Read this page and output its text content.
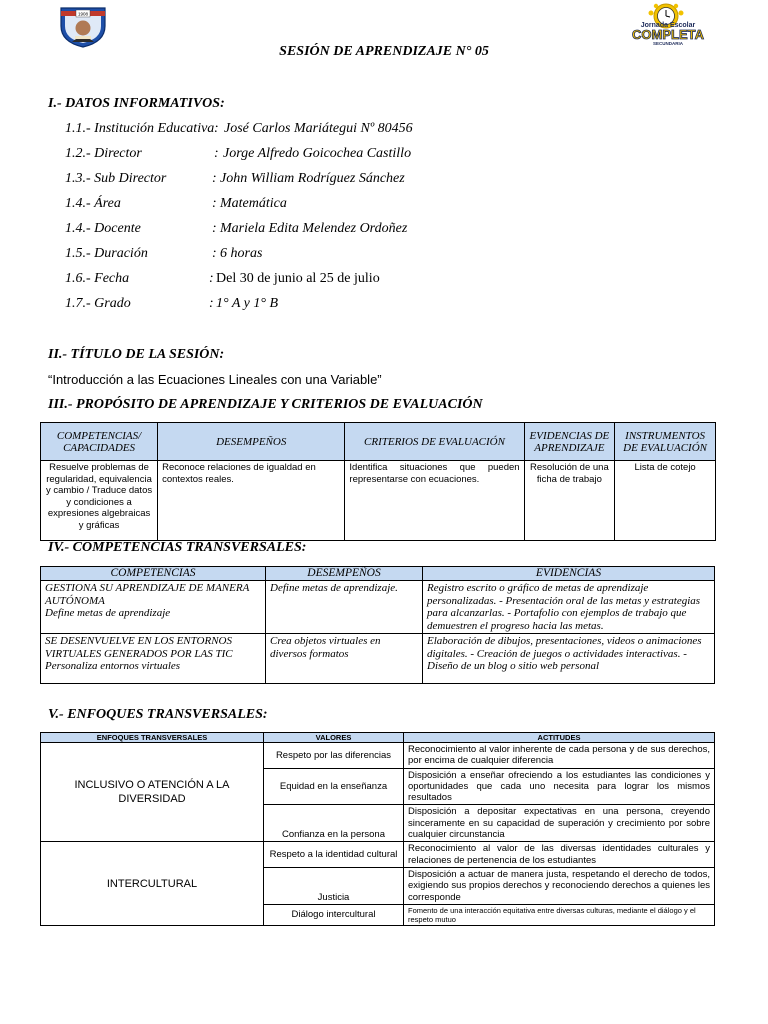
1908
Jornada Escolar
COMPLETA
SECUNDARIA
SESIÓN DE APRENDIZAJE N° 05
I.- DATOS INFORMATIVOS:
1.1.- Institución Educativa : José Carlos Mariátegui Nº 80456
1.2.- Director	: Jorge Alfredo Goicochea Castillo
1.3.- Sub Director	: John William Rodríguez Sánchez
1.4.- Área	: Matemática
1.4.- Docente	: Mariela Edita Melendez Ordoñez
1.5.- Duración	: 6 horas
1.6.- Fecha	: Del 30 de junio al 25 de julio
1.7.- Grado	: 1° A y 1° B
II.- TÍTULO DE LA SESIÓN:
“Introducción a las Ecuaciones Lineales con una Variable”
III.- PROPÓSITO DE APRENDIZAJE Y CRITERIOS DE EVALUACIÓN
COMPETENCIAS/ CAPACIDADES	DESEMPEÑOS	CRITERIOS DE EVALUACIÓN	EVIDENCIAS DE APRENDIZAJE	INSTRUMENTOS DE EVALUACIÓN
Resuelve problemas de regularidad, equivalencia y cambio / Traduce datos y condiciones a expresiones algebraicas y gráficas	Reconoce relaciones de igualdad en contextos reales.	Identifica situaciones que pueden representarse con ecuaciones.	Resolución de una ficha de trabajo	Lista de cotejo
IV.- COMPETENCIAS TRANSVERSALES:
COMPETENCIAS	DESEMPEÑOS	EVIDENCIAS

GESTIONA SU APRENDIZAJE DE MANERA AUTÓNOMA
Define metas de aprendizaje	Define metas de aprendizaje.	Registro escrito o gráfico de metas de aprendizaje personalizadas. - Presentación oral de las metas y estrategias para alcanzarlas. - Portafolio con ejemplos de trabajo que demuestren el progreso hacia las metas.

SE DESENVUELVE EN LOS ENTORNOS VIRTUALES GENERADOS POR LAS TIC
Personaliza entornos virtuales	Crea objetos virtuales en diversos formatos	Elaboración de dibujos, presentaciones, videos o animaciones digitales. - Creación de juegos o actividades interactivas. - Diseño de un blog o sitio web personal
V.- ENFOQUES TRANSVERSALES:
ENFOQUES TRANSVERSALES	VALORES	ACTITUDES
INCLUSIVO O ATENCIÓN A LA DIVERSIDAD	Respeto por las diferencias	Reconocimiento al valor inherente de cada persona y de sus derechos, por encima de cualquier diferencia
	Equidad en la enseñanza	Disposición a enseñar ofreciendo a los estudiantes las condiciones y oportunidades que cada uno necesita para lograr los mismos resultados
	Confianza en la persona	Disposición a depositar expectativas en una persona, creyendo sinceramente en su capacidad de superación y crecimiento por sobre cualquier circunstancia
INTERCULTURAL	Respeto a la identidad cultural	Reconocimiento al valor de las diversas identidades culturales y relaciones de pertenencia de los estudiantes
	Justicia	Disposición a actuar de manera justa, respetando el derecho de todos, exigiendo sus propios derechos y reconociendo derechos a quienes les corresponde
	Diálogo intercultural	Fomento de una interacción equitativa entre diversas culturas, mediante el diálogo y el respeto mutuo
